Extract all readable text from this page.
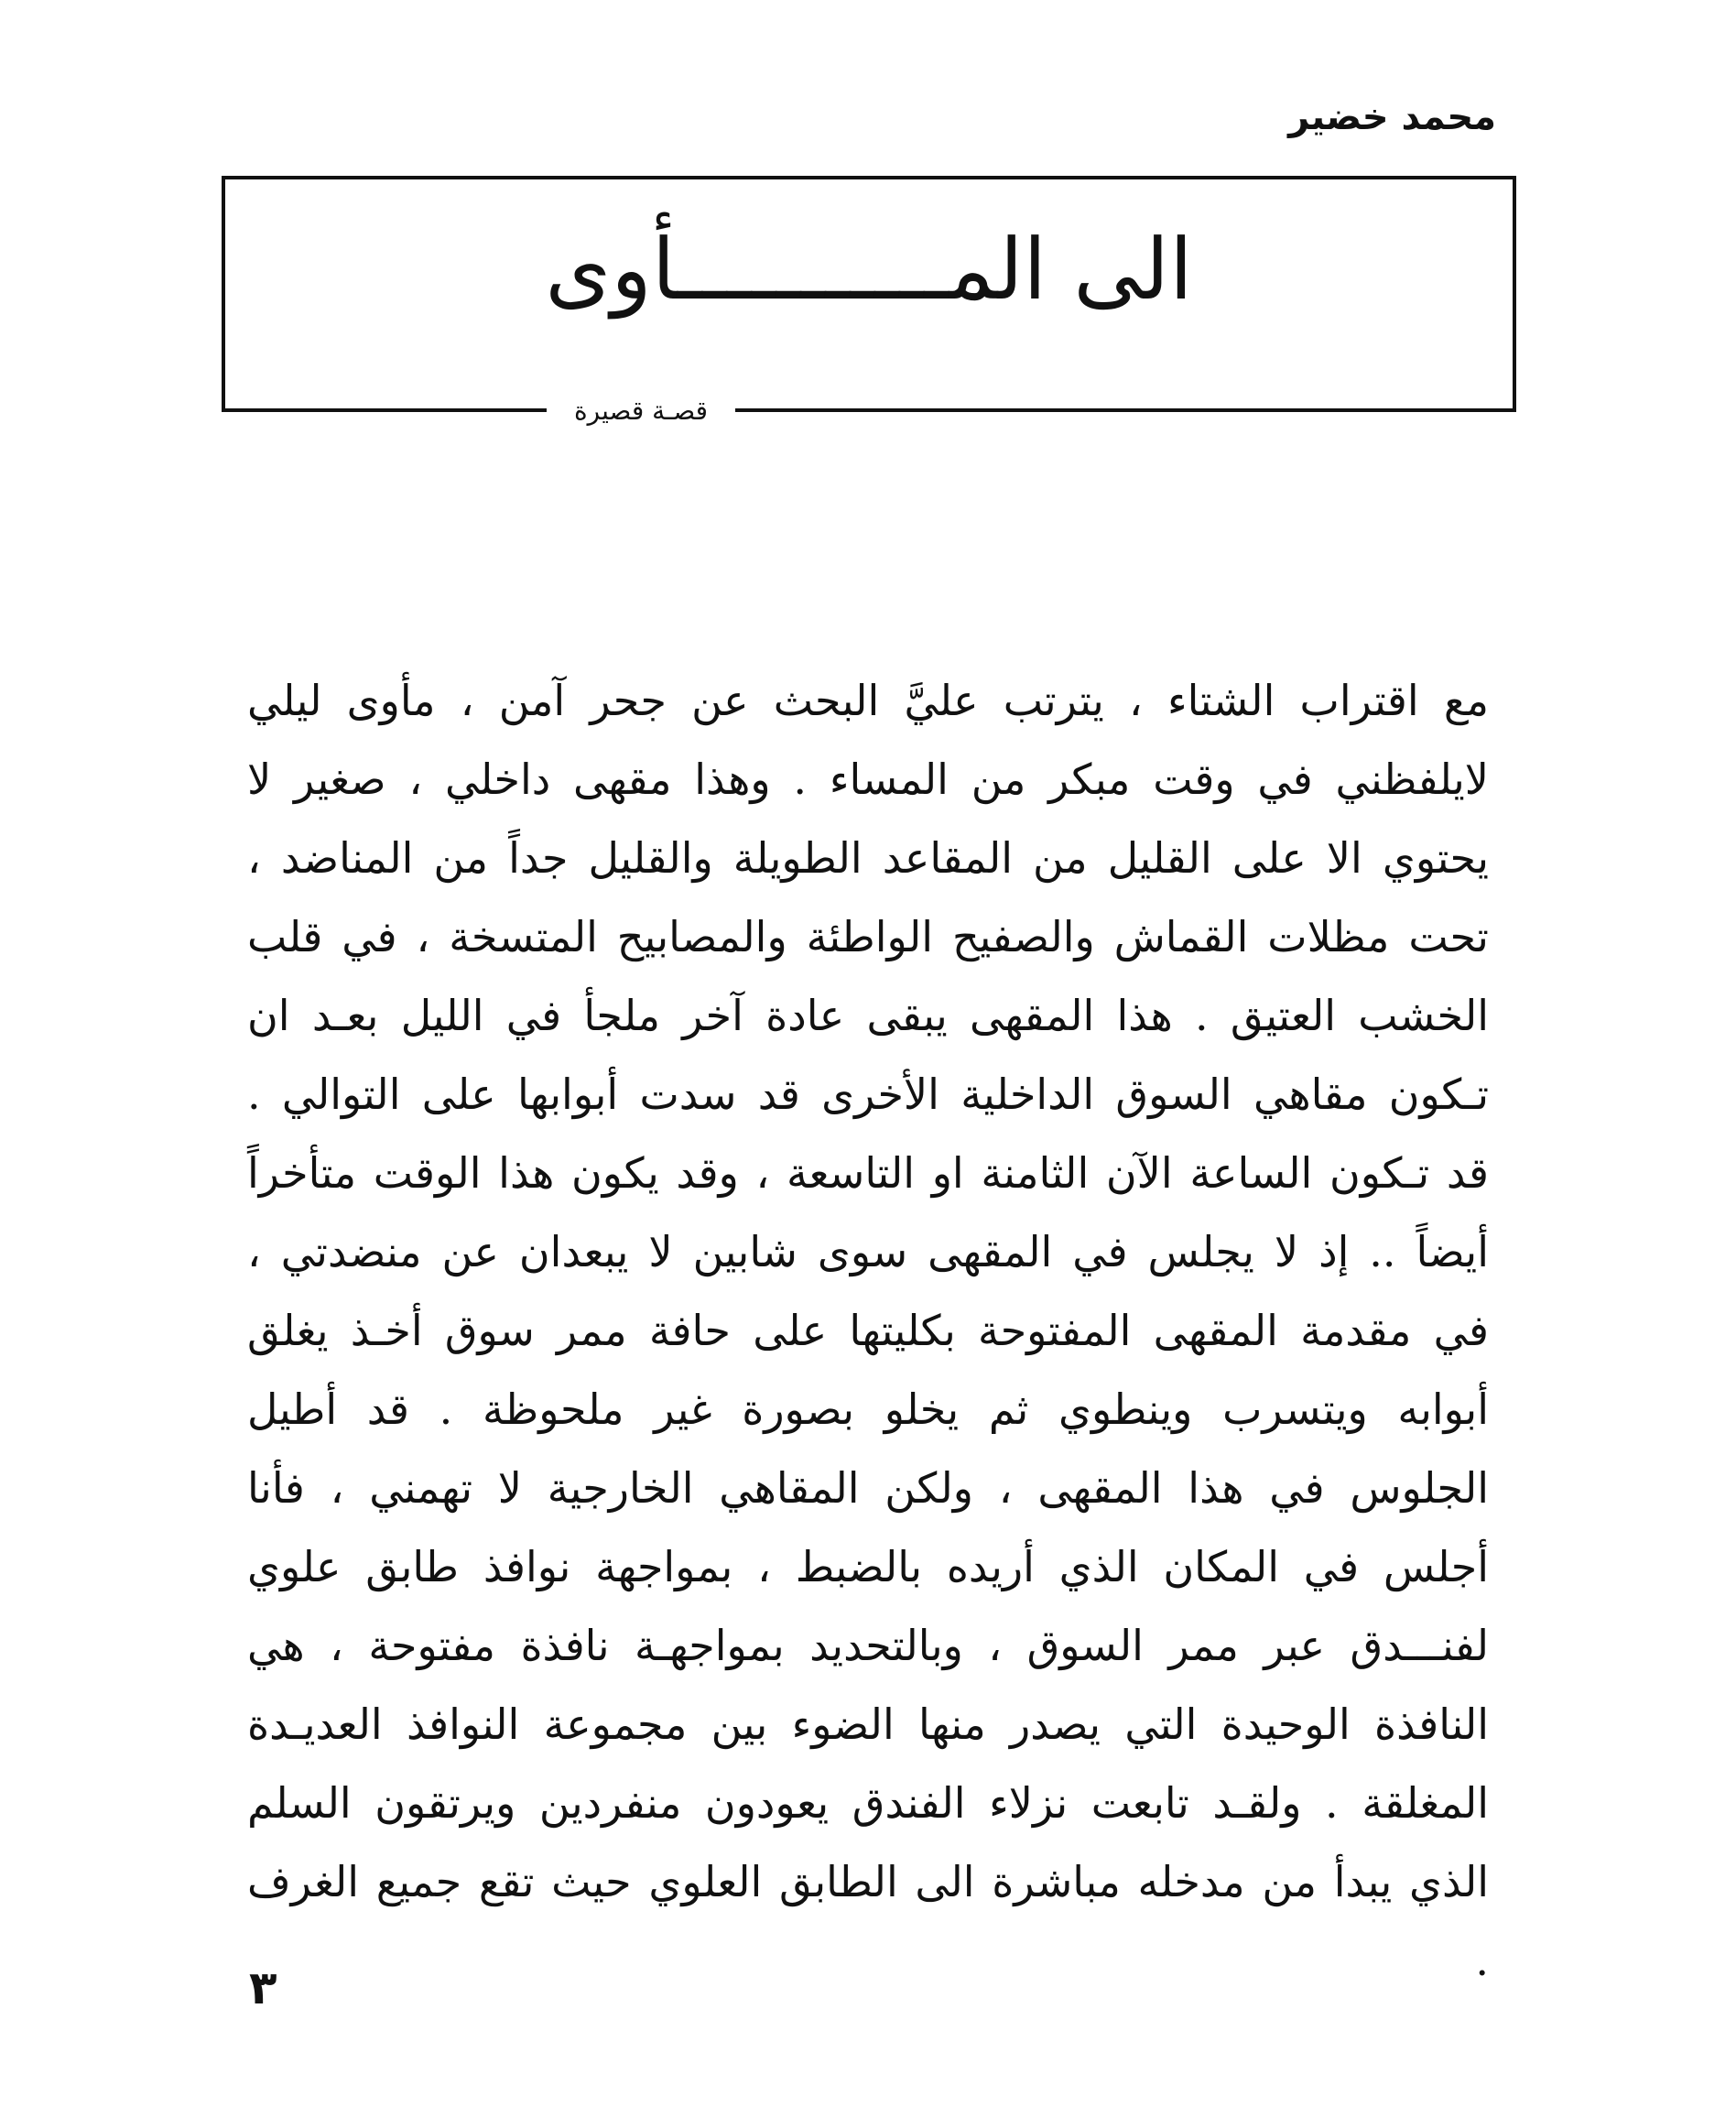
محمد خضير
الى المـــــــــــأوى
قصـة قصيرة
مع اقتراب الشتاء ، يترتب عليَّ البحث عن جحر آمن ، مأوى ليلي لايلفظني في وقت مبكر من المساء . وهذا مقهى داخلي ، صغير لا يحتوي الا على القليل من المقاعد الطويلة والقليل جداً من المناضد ، تحت مظلات القماش والصفيح الواطئة والمصابيح المتسخة ، في قلب الخشب العتيق . هذا المقهى يبقى عادة آخر ملجأ في الليل بعـد ان تـكون مقاهي السوق الداخلية الأخرى قد سدت أبوابها على التوالي . قد تـكون الساعة الآن الثامنة او التاسعة ، وقد يكون هذا الوقت متأخراً أيضاً .. إذ لا يجلس في المقهى سوى شابين لا يبعدان عن منضدتي ، في مقدمة المقهى المفتوحة بكليتها على حافة ممر سوق أخـذ يغلق أبوابه ويتسرب وينطوي ثم يخلو بصورة غير ملحوظة . قد أطيل الجلوس في هذا المقهى ، ولكن المقاهي الخارجية لا تهمني ، فأنا أجلس في المكان الذي أريده بالضبط ، بمواجهة نوافذ طابق علوي لفنـــدق عبر ممر السوق ، وبالتحديد بمواجهـة نافذة مفتوحة ، هي النافذة الوحيدة التي يصدر منها الضوء بين مجموعة النوافذ العديـدة المغلقة . ولقـد تابعت نزلاء الفندق يعودون منفردين ويرتقون السلم الذي يبدأ من مدخله مباشرة الى الطابق العلوي حيث تقع جميع الغرف .
٣
